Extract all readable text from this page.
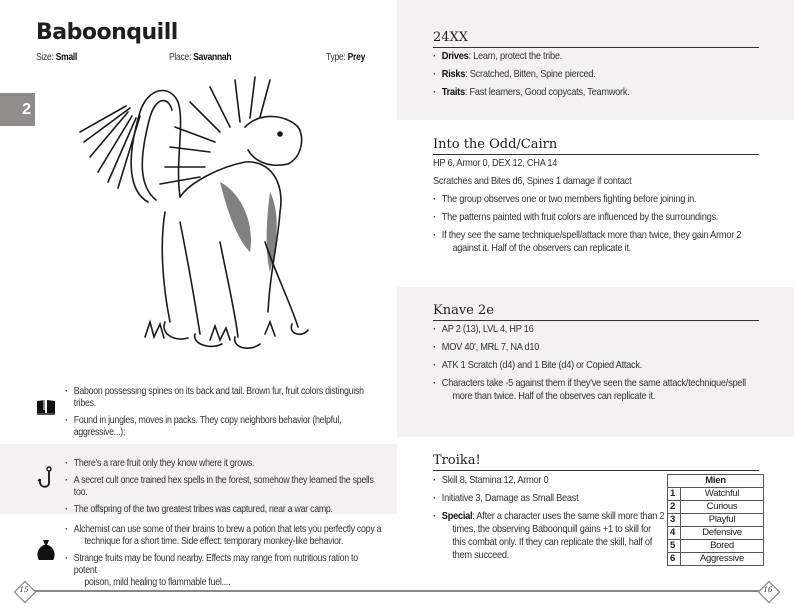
Baboonquill
Size: Small	Place: Savannah	Type: Prey
2
· Baboon possessing spines on its back and tail. Brown fur, fruit colors distinguish tribes.
· Found in jungles, moves in packs. They copy neighbors behavior (helpful, aggressive...);
·
· There's a rare fruit only they know where it grows.
· A secret cult once trained hex spells in the forest, somehow they learned the spells too.
· The offspring of the two greatest tribes was captured, near a war camp.
· Alchemist can use some of their brains to brew a potion that lets you perfectly copy a
technique for a short time. Side effect: temporary monkey-like behavior.
· Strange fruits may be found nearby. Effects may range from nutritious ration to potent
poison, mild healing to flammable fuel....
15
24XX
· Drives: Learn, protect the tribe.
· Risks: Scratched, Bitten, Spine pierced.
· Traits: Fast learners, Good copycats, Teamwork.
Into the Odd/Cairn

HP 6, Armor 0, DEX 12, CHA 14

Scratches and Bites d6, Spines 1 damage if contact

· The group observes one or two members fighting before joining in.
· The patterns painted with fruit colors are influenced by the surroundings.
· If they see the same technique/spell/attack more than twice, they gain Armor 2
against it. Half of the observers can replicate it.
Knave 2e
· AP 2 (13), LVL 4, HP 16
· MOV 40', MRL 7, NA d10
· ATK 1 Scratch (d4) and 1 Bite (d4) or Copied Attack.
· Characters take -5 against them if they've seen the same attack/technique/spell
more than twice. Half of the observes can replicate it.
Troika!
· Skill 8, Stamina 12, Armor 0
· Initiative 3, Damage as Small Beast
· Special: After a character uses the same skill more than 2
times, the observing Baboonquill gains +1 to skill for
this combat only. If they can replicate the skill, half of
them succeed.
Mien	
1	Watchful
2	Curious
3	Playful
4	Defensive
5	Bored
6	Aggressive
16
